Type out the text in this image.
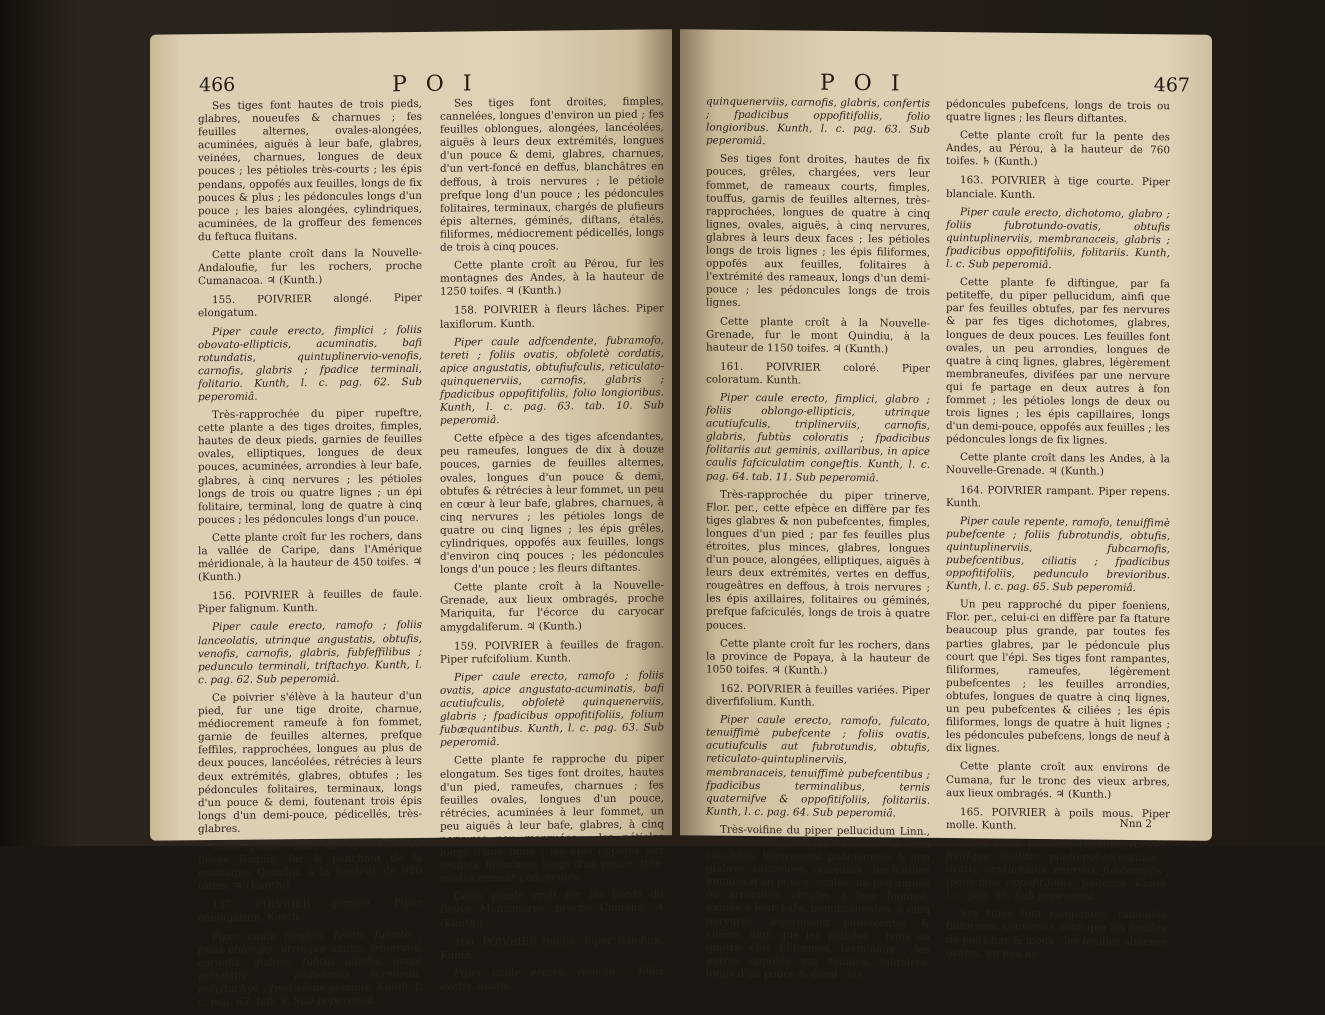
466	P O I

Ses tiges font hautes de trois pieds, glabres, noueufes & charnues ; fes feuilles alternes, ovales-alongées, acuminées, aiguës à leur bafe, glabres, veinées, charnues, longues de deux pouces ; les pétioles très-courts ; les épis pendans, oppofés aux feuilles, longs de fix pouces & plus ; les pédoncules longs d'un pouce ; les baies alongées, cylindriques, acuminées, de la groffeur des femences du feftuca fluitans.

Cette plante croît dans la Nouvelle-Andaloufie, fur les rochers, proche Cumanacoa. ♃ (Kunth.)

155. POIVRIER alongé. Piper elongatum.

Piper caule erecto, fimplici ; foliis obovato-ellipticis, acuminatis, bafi rotundatis, quintuplinervio-venofis, carnofis, glabris ; fpadice terminali, folitario. Kunth, l. c. pag. 62. Sub peperomiâ.

Très-rapprochée du piper rupeftre, cette plante a des tiges droites, fimples, hautes de deux pieds, garnies de feuilles ovales, elliptiques, longues de deux pouces, acuminées, arrondies à leur bafe, glabres, à cinq nervures ; les pétioles longs de trois ou quatre lignes ; un épi folitaire, terminal, long de quatre à cinq pouces ; les pédoncules longs d'un pouce.

Cette plante croît fur les rochers, dans la vallée de Caripe, dans l'Amérique méridionale, à la hauteur de 450 toifes. ♃ (Kunth.)

156. POIVRIER à feuilles de faule. Piper falignum. Kunth.

Piper caule erecto, ramofo ; foliis lanceolatis, utrinque angustatis, obtufis, venofis, carnofis, glabris, fubfeffilibus ; pedunculo terminali, triftachyo. Kunth, l. c. pag. 62. Sub peperomiâ.

Ce poivrier s'élève à la hauteur d'un pied, fur une tige droite, charnue, médiocrement rameufe à fon fommet, garnie de feuilles alternes, prefque feffiles, rapprochées, longues au plus de deux pouces, lancéolées, rétrécies à leurs deux extrémités, glabres, obtufes ; les pédoncules folitaires, terminaux, longs d'un pouce & demi, foutenant trois épis longs d'un demi-pouce, pédicellés, très-glabres.

Cette plante croît fur les rives du fleuve Boquia, fur le penchant de la montagne Quindiu, à la hauteur de 920 toifes. ♃ (Kunth.)

157. POIVRIER géminé. Piper conjugatum. Kunth.

Piper caule fimplici, tereti, fulcato ; foliis oblongis, utrinque acutis, trinerviis, carnofis, glabris, fubtùs albidis, longè petiolatis ; pedunculo terminali, polyftachyo ; fpadicibus geminis. Kunth, l. c. pag. 63. tab. 9. Sub peperomiâ.

Ses tiges font droites, fimples, cannelées, longues d'environ un pied ; fes feuilles oblongues, alongées, lancéolées, aiguës à leurs deux extrémités, longues d'un pouce & demi, glabres, charnues, d'un vert-foncé en deffus, blanchâtres en deffous, à trois nervures ; le pétiole prefque long d'un pouce ; les pédoncules folitaires, terminaux, chargés de plufieurs épis alternes, géminés, diftans, étalés, filiformes, médiocrement pédicellés, longs de trois à cinq pouces.

Cette plante croît au Pérou, fur les montagnes des Andes, à la hauteur de 1250 toifes. ♃ (Kunth.)

158. POIVRIER à fleurs lâches. Piper laxiflorum. Kunth.

Piper caule adfcendente, fubramofo, tereti ; foliis ovatis, obfoletè cordatis, apice angustatis, obtufiufculis, reticulato-quinquenerviis, carnofis, glabris ; fpadicibus oppofitifoliis, folio longioribus. Kunth, l. c. pag. 63. tab. 10. Sub peperomiâ.

Cette efpèce a des tiges afcendantes, peu rameufes, longues de dix à douze pouces, garnies de feuilles alternes, ovales, longues d'un pouce & demi, obtufes & rétrécies à leur fommet, un peu en cœur à leur bafe, glabres, charnues, à cinq nervures ; les pétioles longs de quatre ou cinq lignes ; les épis grêles, cylindriques, oppofés aux feuilles, longs d'environ cinq pouces ; les pédoncules longs d'un pouce ; les fleurs diftantes.

Cette plante croît à la Nouvelle-Grenade, aux lieux ombragés, proche Mariquita, fur l'écorce du caryocar amygdaliferum. ♃ (Kunth.)

159. POIVRIER à feuilles de fragon. Piper rufcifolium. Kunth.

Piper caule erecto, ramofo ; foliis ovatis, apice angustato-acuminatis, bafi acutiufculis, obfoletè quinquenerviis, glabris ; fpadicibus oppofitifoliis, folium fubæquantibus. Kunth, l. c. pag. 63. Sub peperomiâ.

Cette plante fe rapproche du piper elongatum. Ses tiges font droites, hautes d'un pied, rameufes, charnues ; fes feuilles ovales, longues d'un pouce, rétrécies, acuminées à leur fommet, un peu aiguës à leur bafe, glabres, à cinq nervures peu marquées ; les pétioles longs d'une ligne ; les épis oppofés aux feuilles, filiformes, longs d'un pouce, très-médiocrement pédonculés.

Cette plante croît fur les bords du fleuve Manzanares, proche Cumana. ♃ (Kunth.)

160. POIVRIER feuillé. Piper foliofum. Kunth.

Piper caule erecto, ramofo ; foliis ovatis, acutis,

P O I	467

quinquenerviis, carnofis, glabris, confertis ; fpadicibus oppofitifoliis, folio longioribus. Kunth, l. c. pag. 63. Sub peperomiâ.

Ses tiges font droites, hautes de fix pouces, grêles, chargées, vers leur fommet, de rameaux courts, fimples, touffus, garnis de feuilles alternes, très-rapprochées, longues de quatre à cinq lignes, ovales, aiguës, à cinq nervures, glabres à leurs deux faces ; les pétioles longs de trois lignes ; les épis filiformes, oppofés aux feuilles, folitaires à l'extrémité des rameaux, longs d'un demi-pouce ; les pédoncules longs de trois lignes.

Cette plante croît à la Nouvelle-Grenade, fur le mont Quindiu, à la hauteur de 1150 toifes. ♃ (Kunth.)

161. POIVRIER coloré. Piper coloratum. Kunth.

Piper caule erecto, fimplici, glabro ; foliis oblongo-ellipticis, utrinque acutiufculis, triplinerviis, carnofis, glabris, fubtùs coloratis ; fpadicibus folitariis aut geminis, axillaribus, in apice caulis fafciculatim congeftis. Kunth, l. c. pag. 64. tab. 11. Sub peperomiâ.

Très-rapprochée du piper trinerve, Flor. per., cette efpèce en diffère par fes tiges glabres & non pubefcentes, fimples, longues d'un pied ; par fes feuilles plus étroites, plus minces, glabres, longues d'un pouce, alongées, elliptiques, aiguës à leurs deux extrémités, vertes en deffus, rougeâtres en deffous, à trois nervures ; les épis axillaires, folitaires ou géminés, prefque fafciculés, longs de trois à quatre pouces.

Cette plante croît fur les rochers, dans la province de Popaya, à la hauteur de 1050 toifes. ♃ (Kunth.)

162. POIVRIER à feuilles variées. Piper diverfifolium. Kunth.

Piper caule erecto, ramofo, fulcato, tenuiffimè pubefcente ; foliis ovatis, acutiufculis aut fubrotundis, obtufis, reticulato-quintuplinerviis, membranaceis, tenuiffimè pubefcentibus ; fpadicibus terminalibus, ternis quaternifve & oppofitifoliis, folitariis. Kunth, l. c. pag. 64. Sub peperomiâ.

Très-voifine du piper pellucidum Linn., celle-ci a des tiges droites & non couchées, légèrement pubefcentes & non glabres, cannelées, rameufes ; les feuilles longues d'un pouce, ovales, un peu aiguës ou arrondies, obtufes à leur fommet, aiguës à leur bafe, membraneufes, à cinq nervures, légèrement pubefcentes & ciliées, ainfi que les pétioles ; trois ou quatre épis filiformes, terminaux ; les autres oppofés aux feuilles, folitaires, longs d'un pouce & demi ; les

pédoncules pubefcens, longs de trois ou quatre lignes ; les fleurs diftantes.

Cette plante croît fur la pente des Andes, au Pérou, à la hauteur de 760 toifes. ♄ (Kunth.)

163. POIVRIER à tige courte. Piper blanciale. Kunth.

Piper caule erecto, dichotomo, glabro ; foliis fubrotundo-ovatis, obtufis quintuplinerviis, membranaceis, glabris ; fpadicibus oppofitifoliis, folitariis. Kunth, l. c. Sub peperomiâ.

Cette plante fe diftingue, par fa petiteffe, du piper pellucidum, ainfi que par fes feuilles obtufes, par fes nervures & par fes tiges dichotomes, glabres, longues de deux pouces. Les feuilles font ovales, un peu arrondies, longues de quatre à cinq lignes, glabres, légèrement membraneufes, divifées par une nervure qui fe partage en deux autres à fon fommet ; les pétioles longs de deux ou trois lignes ; les épis capillaires, longs d'un demi-pouce, oppofés aux feuilles ; les pédoncules longs de fix lignes.

Cette plante croît dans les Andes, à la Nouvelle-Grenade. ♃ (Kunth.)

164. POIVRIER rampant. Piper repens. Kunth.

Piper caule repente, ramofo, tenuiffimè pubefcente ; foliis fubrotundis, obtufis, quintuplinerviis, fubcarnofis, pubefcentibus, ciliatis ; fpadicibus oppofitifoliis, pedunculo brevioribus. Kunth, l. c. pag. 65. Sub peperomiâ.

Un peu rapproché du piper foeniens, Flor. per., celui-ci en diffère par fa ftature beaucoup plus grande, par toutes fes parties glabres, par le pédoncule plus court que l'épi. Ses tiges font rampantes, filiformes, rameufes, légèrement pubefcentes ; les feuilles arrondies, obtufes, longues de quatre à cinq lignes, un peu pubefcentes & ciliées ; les épis filiformes, longs de quatre à huit lignes ; les pédoncules pubefcens, longs de neuf à dix lignes.

Cette plante croît aux environs de Cumana, fur le tronc des vieux arbres, aux lieux ombragés. ♃ (Kunth.)

165. POIVRIER à poils mous. Piper molle. Kunth.

Piper caule filiformi, repente, ramofo, foliifque molliter pilofo-pubefcentibus ; ovatis, acutiufculis, enerviis, fubcarnofis ; fpadicibus oppofitifoliis, folitariis. Kunth, l. c. pag. 65. Sub peperomiâ.

Ses tiges font rampantes, rameufes, filiformes, couvertes, ainfi que les feuilles, de poils fins & mous ; les feuilles alternes, ovales, un peu ai-

Nnn 2
